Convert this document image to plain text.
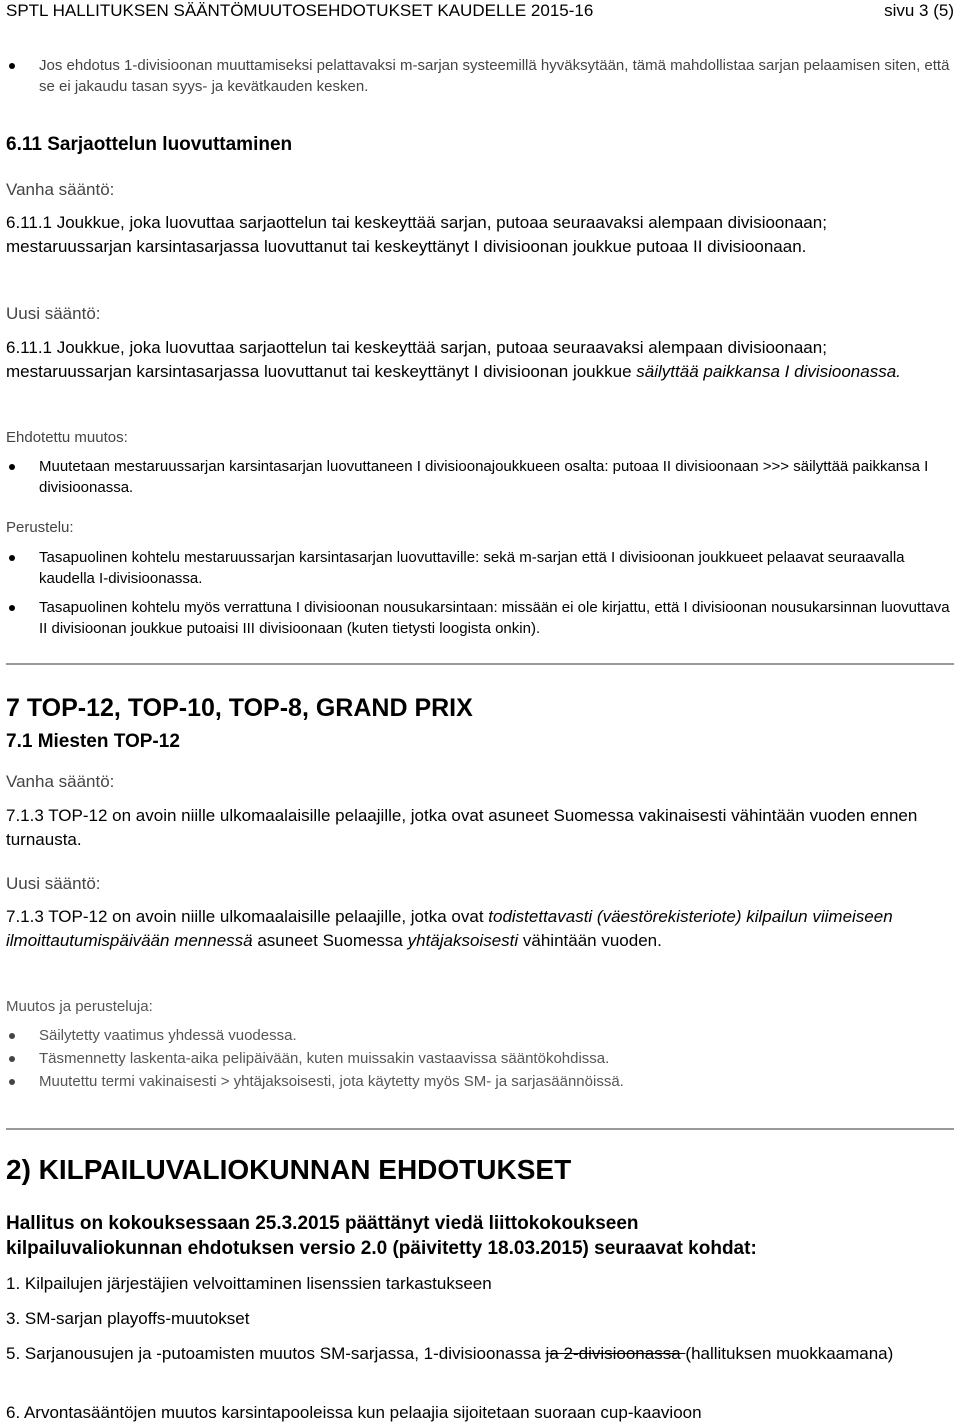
SPTL HALLITUKSEN SÄÄNTÖMUUTOSEHDOTUKSET KAUDELLE 2015-16	sivu 3 (5)
Jos ehdotus 1-divisioonan muuttamiseksi pelattavaksi m-sarjan systeemillä hyväksytään, tämä mahdollistaa sarjan pelaamisen siten, että se ei jakaudu tasan syys- ja kevätkauden kesken.

6.11 Sarjaottelun luovuttaminen

Vanha sääntö:

6.11.1 Joukkue, joka luovuttaa sarjaottelun tai keskeyttää sarjan, putoaa seuraavaksi alempaan divisioonaan; mestaruussarjan karsintasarjassa luovuttanut tai keskeyttänyt I divisioonan joukkue putoaa II divisioonaan.

Uusi sääntö:

6.11.1 Joukkue, joka luovuttaa sarjaottelun tai keskeyttää sarjan, putoaa seuraavaksi alempaan divisioonaan; mestaruussarjan karsintasarjassa luovuttanut tai keskeyttänyt I divisioonan joukkue säilyttää paikkansa I divisioonassa.

Ehdotettu muutos:

Muutetaan mestaruussarjan karsintasarjan luovuttaneen I divisioonajoukkueen osalta: putoaa II divisioonaan >>> säilyttää paikkansa I divisioonassa.

Perustelu:

Tasapuolinen kohtelu mestaruussarjan karsintasarjan luovuttaville: sekä m-sarjan että I divisioonan joukkueet pelaavat seuraavalla kaudella I-divisioonassa.
Tasapuolinen kohtelu myös verrattuna I divisioonan nousukarsintaan: missään ei ole kirjattu, että I divisioonan nousukarsinnan luovuttava II divisioonan joukkue putoaisi III divisioonaan (kuten tietysti loogista onkin).

7 TOP-12, TOP-10, TOP-8, GRAND PRIX

7.1 Miesten TOP-12

Vanha sääntö:

7.1.3 TOP-12 on avoin niille ulkomaalaisille pelaajille, jotka ovat asuneet Suomessa vakinaisesti vähintään vuoden ennen turnausta.

Uusi sääntö:

7.1.3 TOP-12 on avoin niille ulkomaalaisille pelaajille, jotka ovat todistettavasti (väestörekisteriote) kilpailun viimeiseen ilmoittautumispäivään mennessä asuneet Suomessa yhtäjaksoisesti vähintään vuoden.

Muutos ja perusteluja:

Säilytetty vaatimus yhdessä vuodessa.
Täsmennetty laskenta-aika pelipäivään, kuten muissakin vastaavissa sääntökohdissa.
Muutettu termi vakinaisesti > yhtäjaksoisesti, jota käytetty myös SM- ja sarjasäännöissä.

2) KILPAILUVALIOKUNNAN EHDOTUKSET

Hallitus on kokouksessaan 25.3.2015 päättänyt viedä liittokokoukseen

kilpailuvaliokunnan ehdotuksen versio 2.0 (päivitetty 18.03.2015) seuraavat kohdat:

1. Kilpailujen järjestäjien velvoittaminen lisenssien tarkastukseen

3. SM-sarjan playoffs-muutokset

5. Sarjanousujen ja -putoamisten muutos SM-sarjassa, 1-divisioonassa ja 2-divisioonassa (hallituksen muokkaamana)

6. Arvontasääntöjen muutos karsintapooleissa kun pelaajia sijoitetaan suoraan cup-kaavioon
